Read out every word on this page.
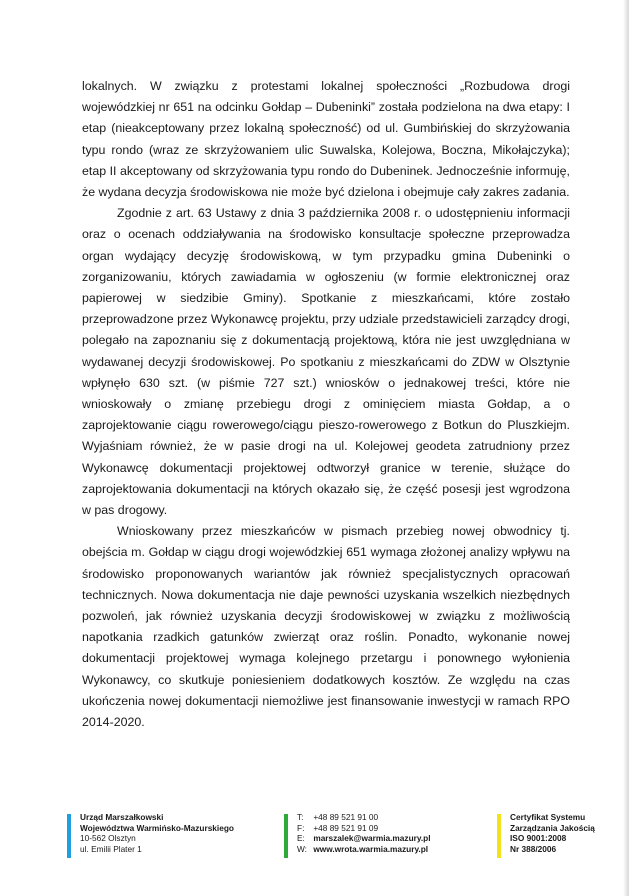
lokalnych. W związku z protestami lokalnej społeczności „Rozbudowa drogi wojewódzkiej nr 651 na odcinku Gołdap – Dubeninki” została podzielona na dwa etapy: I etap (nieakceptowany przez lokalną społeczność) od ul. Gumbińskiej do skrzyżowania typu rondo (wraz ze skrzyżowaniem ulic Suwalska, Kolejowa, Boczna, Mikołajczyka); etap II akceptowany od skrzyżowania typu rondo do Dubeninek. Jednocześnie informuję, że wydana decyzja środowiskowa nie może być dzielona i obejmuje cały zakres zadania.

Zgodnie z art. 63 Ustawy z dnia 3 października 2008 r. o udostępnieniu informacji oraz o ocenach oddziaływania na środowisko konsultacje społeczne przeprowadza organ wydający decyzję środowiskową, w tym przypadku gmina Dubeninki o zorganizowaniu, których zawiadamia w ogłoszeniu (w formie elektronicznej oraz papierowej w siedzibie Gminy). Spotkanie z mieszkańcami, które zostało przeprowadzone przez Wykonawcę projektu, przy udziale przedstawicieli zarządcy drogi, polegało na zapoznaniu się z dokumentacją projektową, która nie jest uwzględniana w wydawanej decyzji środowiskowej. Po spotkaniu z mieszkańcami do ZDW w Olsztynie wpłynęło 630 szt. (w piśmie 727 szt.) wniosków o jednakowej treści, które nie wnioskowały o zmianę przebiegu drogi z ominięciem miasta Gołdap, a o zaprojektowanie ciągu rowerowego/ciągu pieszo-rowerowego z Botkun do Pluszkiejm. Wyjaśniam również, że w pasie drogi na ul. Kolejowej geodeta zatrudniony przez Wykonawcę dokumentacji projektowej odtworzył granice w terenie, służące do zaprojektowania dokumentacji na których okazało się, że część posesji jest wgrodzona w pas drogowy.

Wnioskowany przez mieszkańców w pismach przebieg nowej obwodnicy tj. obejścia m. Gołdap w ciągu drogi wojewódzkiej 651 wymaga złożonej analizy wpływu na środowisko proponowanych wariantów jak również specjalistycznych opracowań technicznych. Nowa dokumentacja nie daje pewności uzyskania wszelkich niezbędnych pozwoleń, jak również uzyskania decyzji środowiskowej w związku z możliwością napotkania rzadkich gatunków zwierząt oraz roślin. Ponadto, wykonanie nowej dokumentacji projektowej wymaga kolejnego przetargu i ponownego wyłonienia Wykonawcy, co skutkuje poniesieniem dodatkowych kosztów. Ze względu na czas ukończenia nowej dokumentacji niemożliwe jest finansowanie inwestycji w ramach RPO 2014-2020.

Urząd Marszałkowski
Województwa Warmińsko-Mazurskiego
10-562 Olsztyn
ul. Emilii Plater 1
T: +48 89 521 91 00
F: +48 89 521 91 09
E: marszalek@warmia.mazury.pl
W: www.wrota.warmia.mazury.pl
Certyfikat Systemu
Zarządzania Jakością
ISO 9001:2008
Nr 388/2006
